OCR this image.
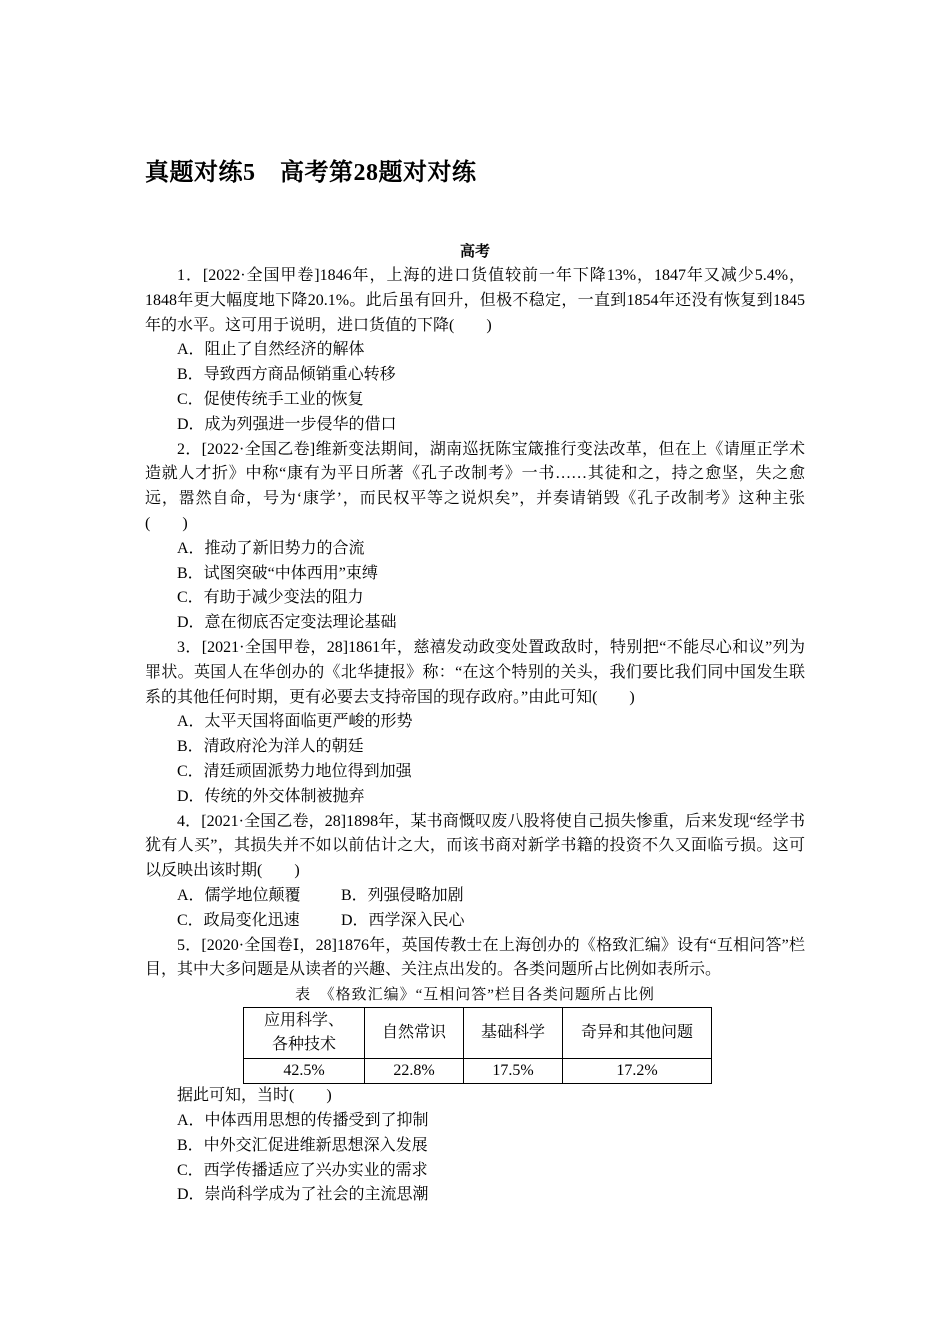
真题对练5　高考第28题对对练
高考

1．[2022·全国甲卷]1846年，上海的进口货值较前一年下降13%，1847年又减少5.4%，1848年更大幅度地下降20.1%。此后虽有回升，但极不稳定，一直到1854年还没有恢复到1845年的水平。这可用于说明，进口货值的下降(　　)

A．阻止了自然经济的解体

B．导致西方商品倾销重心转移

C．促使传统手工业的恢复

D．成为列强进一步侵华的借口

2．[2022·全国乙卷]维新变法期间，湖南巡抚陈宝箴推行变法改革，但在上《请厘正学术造就人才折》中称“康有为平日所著《孔子改制考》一书……其徒和之，持之愈坚，失之愈远，嚣然自命，号为‘康学’，而民权平等之说炽矣”，并奏请销毁《孔子改制考》这种主张(　　)

A．推动了新旧势力的合流

B．试图突破“中体西用”束缚

C．有助于减少变法的阻力

D．意在彻底否定变法理论基础

3．[2021·全国甲卷，28]1861年，慈禧发动政变处置政敌时，特别把“不能尽心和议”列为罪状。英国人在华创办的《北华捷报》称：“在这个特别的关头，我们要比我们同中国发生联系的其他任何时期，更有必要去支持帝国的现存政府。”由此可知(　　)

A．太平天国将面临更严峻的形势

B．清政府沦为洋人的朝廷

C．清廷顽固派势力地位得到加强

D．传统的外交体制被抛弃

4．[2021·全国乙卷，28]1898年，某书商慨叹废八股将使自己损失惨重，后来发现“经学书犹有人买”，其损失并不如以前估计之大，而该书商对新学书籍的投资不久又面临亏损。这可以反映出该时期(　　)

A．儒学地位颠覆	B．列强侵略加剧

C．政局变化迅速	D．西学深入民心

5．[2020·全国卷Ⅰ，28]1876年，英国传教士在上海创办的《格致汇编》设有“互相问答”栏目，其中大多问题是从读者的兴趣、关注点出发的。各类问题所占比例如表所示。

表　《格致汇编》“互相问答”栏目各类问题所占比例

应用科学、
各种技术	自然常识	基础科学	奇异和其他问题
42.5%	22.8%	17.5%	17.2%

据此可知，当时(　　)

A．中体西用思想的传播受到了抑制

B．中外交汇促进维新思想深入发展

C．西学传播适应了兴办实业的需求

D．崇尚科学成为了社会的主流思潮
